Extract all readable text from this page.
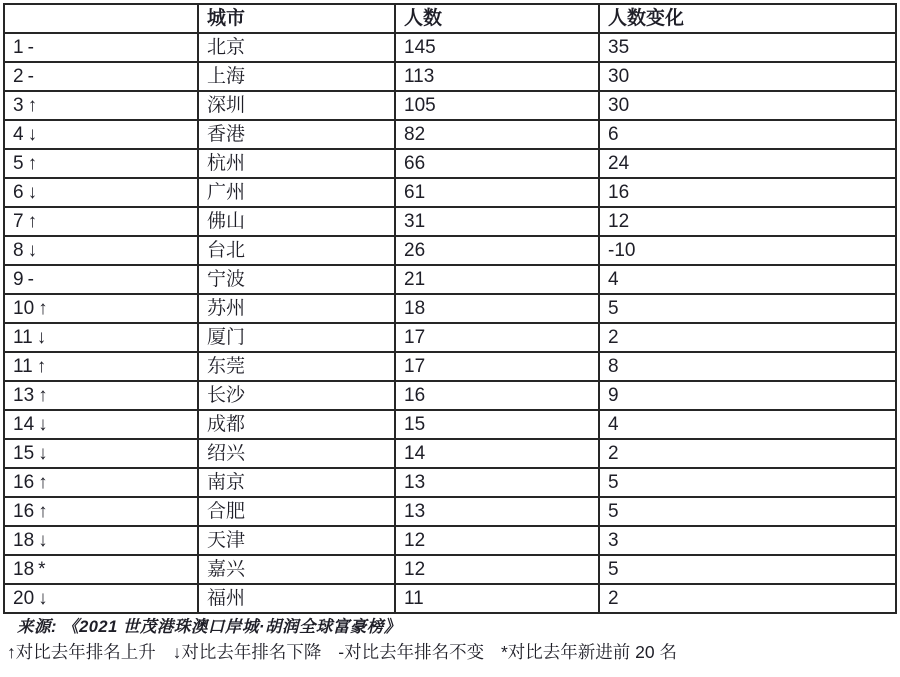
	城市	人数	人数变化
1 -	北京	145	35
2 -	上海	113	30
3 ↑	深圳	105	30
4 ↓	香港	82	6
5 ↑	杭州	66	24
6 ↓	广州	61	16
7 ↑	佛山	31	12
8 ↓	台北	26	-10
9 -	宁波	21	4
10 ↑	苏州	18	5
11 ↓	厦门	17	2
11 ↑	东莞	17	8
13 ↑	长沙	16	9
14 ↓	成都	15	4
15 ↓	绍兴	14	2
16 ↑	南京	13	5
16 ↑	合肥	13	5
18 ↓	天津	12	3
18 *	嘉兴	12	5
20 ↓	福州	11	2

来源: 《2021 世茂港珠澳口岸城·胡润全球富豪榜》

↑对比去年排名上升 ↓对比去年排名下降 -对比去年排名不变 *对比去年新进前 20 名
